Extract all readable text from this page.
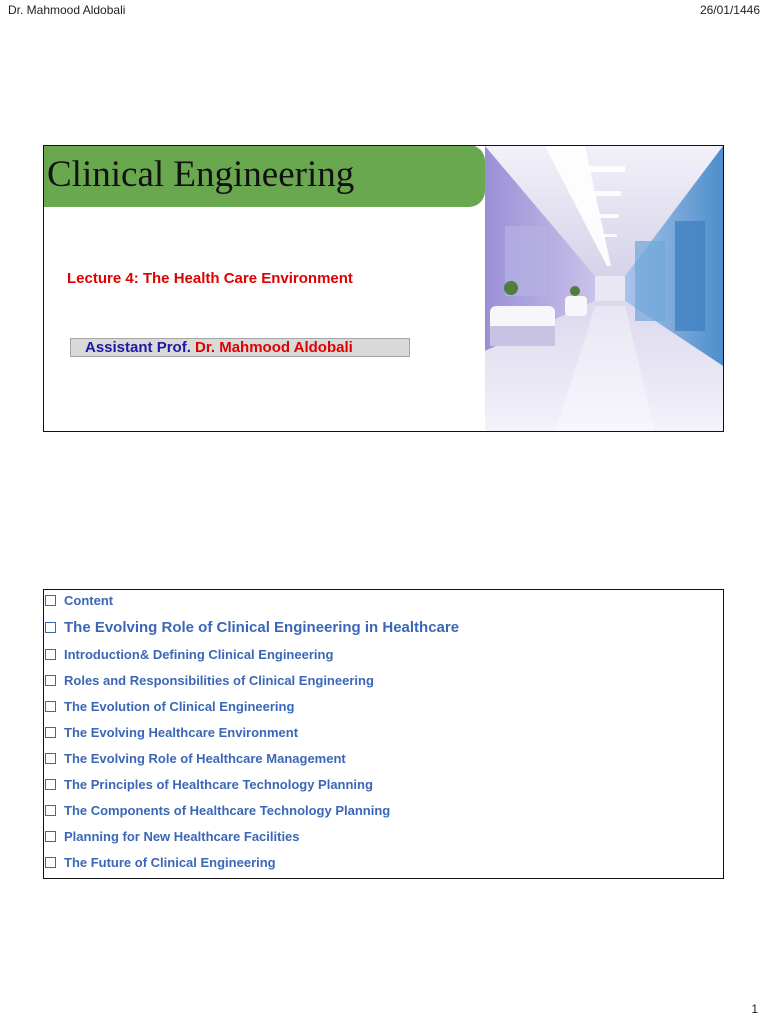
Dr. Mahmood Aldobali	26/01/1446
Clinical Engineering
Lecture 4: The Health Care Environment
Assistant Prof. Dr. Mahmood Aldobali
Content
The Evolving Role of Clinical Engineering in Healthcare
Introduction& Defining Clinical Engineering
Roles and Responsibilities of Clinical Engineering
The Evolution of Clinical Engineering
The Evolving Healthcare Environment
The Evolving Role of Healthcare Management
The Principles of Healthcare Technology Planning
The Components of Healthcare Technology Planning
Planning for New Healthcare Facilities
The Future of Clinical Engineering
1
